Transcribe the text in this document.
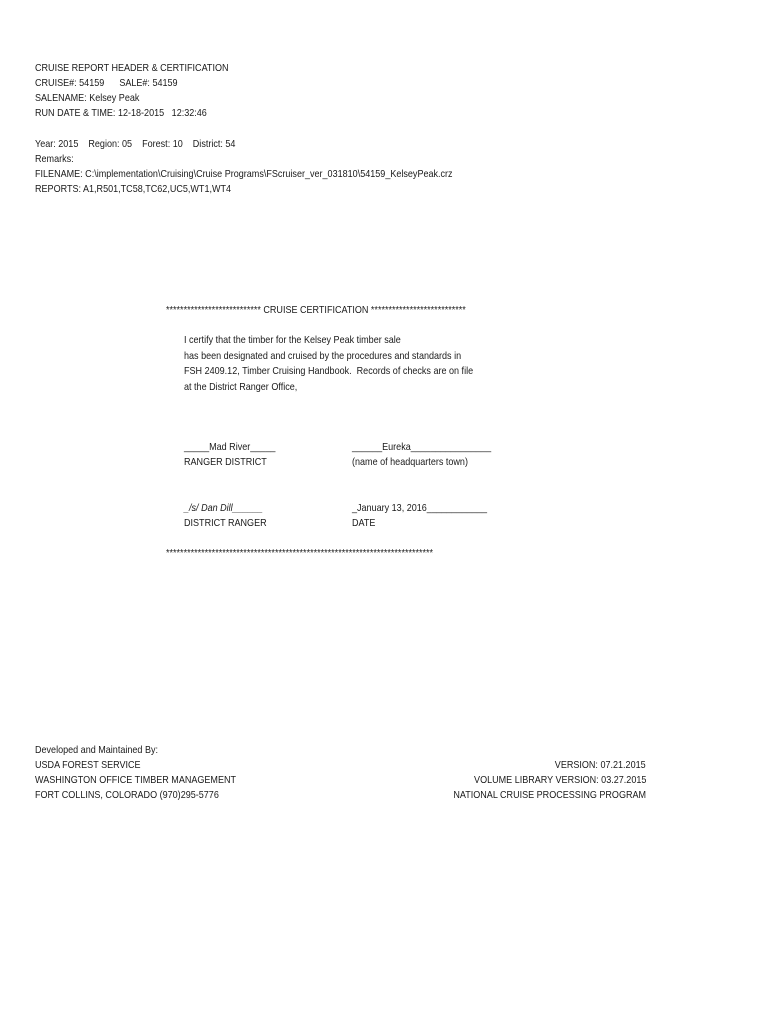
CRUISE REPORT HEADER & CERTIFICATION
CRUISE#: 54159      SALE#: 54159
SALENAME: Kelsey Peak
RUN DATE & TIME: 12-18-2015   12:32:46
Year: 2015    Region: 05    Forest: 10    District: 54
Remarks:
FILENAME: C:\implementation\Cruising\Cruise Programs\FScruiser_ver_031810\54159_KelseyPeak.crz
REPORTS: A1,R501,TC58,TC62,UC5,WT1,WT4
*************************** CRUISE CERTIFICATION ***************************
I certify that the timber for the Kelsey Peak timber sale
has been designated and cruised by the procedures and standards in
FSH 2409.12, Timber Cruising Handbook.  Records of checks are on file
at the District Ranger Office,
_____Mad River_____
RANGER DISTRICT
______Eureka________________
(name of headquarters town)
_/s/ Dan Dill______
DISTRICT RANGER
_January 13, 2016____________
DATE
****************************************************************************
Developed and Maintained By:
USDA FOREST SERVICE
WASHINGTON OFFICE TIMBER MANAGEMENT
FORT COLLINS, COLORADO (970)295-5776
VERSION: 07.21.2015
VOLUME LIBRARY VERSION: 03.27.2015
NATIONAL CRUISE PROCESSING PROGRAM
